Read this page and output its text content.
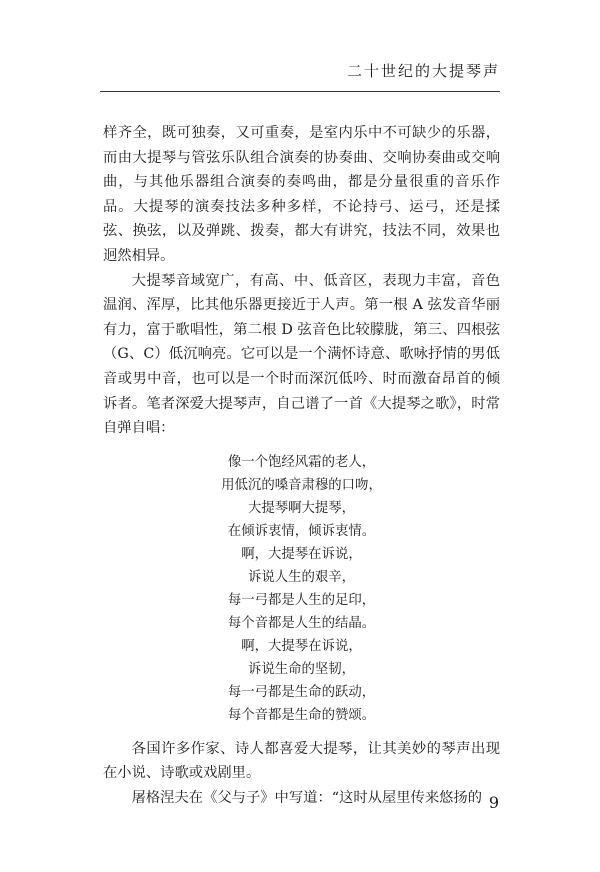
二十世纪的大提琴声

样齐全，既可独奏，又可重奏，是室内乐中不可缺少的乐器，而由大提琴与管弦乐队组合演奏的协奏曲、交响协奏曲或交响曲，与其他乐器组合演奏的奏鸣曲，都是分量很重的音乐作品。大提琴的演奏技法多种多样，不论持弓、运弓，还是揉弦、换弦，以及弹跳、拨奏，都大有讲究，技法不同，效果也迥然相异。

大提琴音域宽广，有高、中、低音区，表现力丰富，音色温润、浑厚，比其他乐器更接近于人声。第一根 A 弦发音华丽有力，富于歌唱性，第二根 D 弦音色比较朦胧，第三、四根弦（G、C）低沉响亮。它可以是一个满怀诗意、歌咏抒情的男低音或男中音，也可以是一个时而深沉低吟、时而激奋昂首的倾诉者。笔者深爱大提琴声，自己谱了一首《大提琴之歌》，时常自弹自唱：

像一个饱经风霜的老人，
用低沉的嗓音肃穆的口吻，
大提琴啊大提琴，
在倾诉衷情，倾诉衷情。
啊，大提琴在诉说，
诉说人生的艰辛，
每一弓都是人生的足印，
每个音都是人生的结晶。
啊，大提琴在诉说，
诉说生命的坚韧，
每一弓都是生命的跃动，
每个音都是生命的赞颂。

各国许多作家、诗人都喜爱大提琴，让其美妙的琴声出现在小说、诗歌或戏剧里。

屠格涅夫在《父与子》中写道：“这时从屋里传来悠扬的 9
